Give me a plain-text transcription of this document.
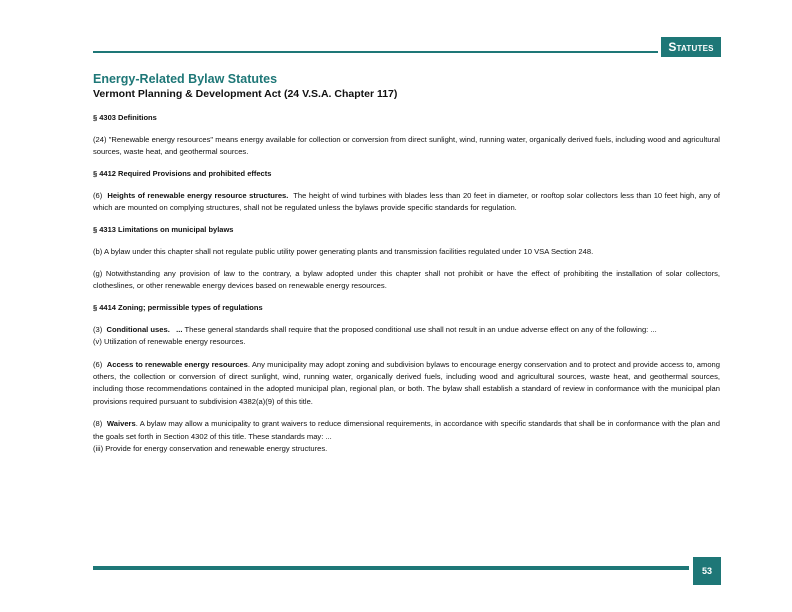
Statutes
Energy-Related Bylaw Statutes
Vermont Planning & Development Act (24 V.S.A. Chapter 117)
§ 4303 Definitions

(24) "Renewable energy resources" means energy available for collection or conversion from direct sunlight, wind, running water, organically derived fuels, including wood and agricultural sources, waste heat, and geothermal sources.

§ 4412 Required Provisions and prohibited effects

(6) Heights of renewable energy resource structures. The height of wind turbines with blades less than 20 feet in diameter, or rooftop solar collectors less than 10 feet high, any of which are mounted on complying structures, shall not be regulated unless the bylaws provide specific standards for regulation.

§ 4313 Limitations on municipal bylaws

(b) A bylaw under this chapter shall not regulate public utility power generating plants and transmission facilities regulated under 10 VSA Section 248.

(g) Notwithstanding any provision of law to the contrary, a bylaw adopted under this chapter shall not prohibit or have the effect of prohibiting the installation of solar collectors, clotheslines, or other renewable energy devices based on renewable energy resources.

§ 4414 Zoning; permissible types of regulations

(3) Conditional uses. ... These general standards shall require that the proposed conditional use shall not result in an undue adverse effect on any of the following: ...

(v) Utilization of renewable energy resources.

(6) Access to renewable energy resources. Any municipality may adopt zoning and subdivision bylaws to encourage energy conservation and to protect and provide access to, among others, the collection or conversion of direct sunlight, wind, running water, organically derived fuels, including wood and agricultural sources, waste heat, and geothermal sources, including those recommendations contained in the adopted municipal plan, regional plan, or both. The bylaw shall establish a standard of review in conformance with the municipal plan provisions required pursuant to subdivision 4382(a)(9) of this title.

(8) Waivers. A bylaw may allow a municipality to grant waivers to reduce dimensional requirements, in accordance with specific standards that shall be in conformance with the plan and the goals set forth in Section 4302 of this title. These standards may: ...

(iii) Provide for energy conservation and renewable energy structures.

53
